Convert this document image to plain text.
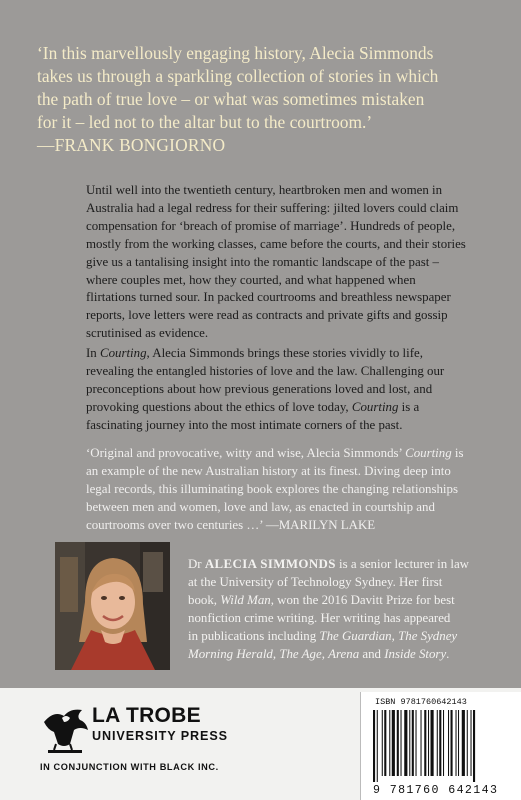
‘In this marvellously engaging history, Alecia Simmonds
takes us through a sparkling collection of stories in which
the path of true love – or what was sometimes mistaken
for it – led not to the altar but to the courtroom.’
—FRANK BONGIORNO
Until well into the twentieth century, heartbroken men and women in
Australia had a legal redress for their suffering: jilted lovers could claim
compensation for ‘breach of promise of marriage’. Hundreds of people,
mostly from the working classes, came before the courts, and their stories
give us a tantalising insight into the romantic landscape of the past –
where couples met, how they courted, and what happened when
flirtations turned sour. In packed courtrooms and breathless newspaper
reports, love letters were read as contracts and private gifts and gossip
scrutinised as evidence.
In Courting, Alecia Simmonds brings these stories vividly to life,
revealing the entangled histories of love and the law. Challenging our
preconceptions about how previous generations loved and lost, and
provoking questions about the ethics of love today, Courting is a
fascinating journey into the most intimate corners of the past.
‘Original and provocative, witty and wise, Alecia Simmonds’ Courting is
an example of the new Australian history at its finest. Diving deep into
legal records, this illuminating book explores the changing relationships
between men and women, love and law, as enacted in courtship and
courtrooms over two centuries …’ —MARILYN LAKE
Dr ALECIA SIMMONDS is a senior lecturer in law
at the University of Technology Sydney. Her first
book, Wild Man, won the 2016 Davitt Prize for best
nonfiction crime writing. Her writing has appeared
in publications including The Guardian, The Sydney
Morning Herald, The Age, Arena and Inside Story.
LA TROBE
UNIVERSITY PRESS
IN CONJUNCTION WITH BLACK INC.
ISBN 9781760642143
9 781760 642143
